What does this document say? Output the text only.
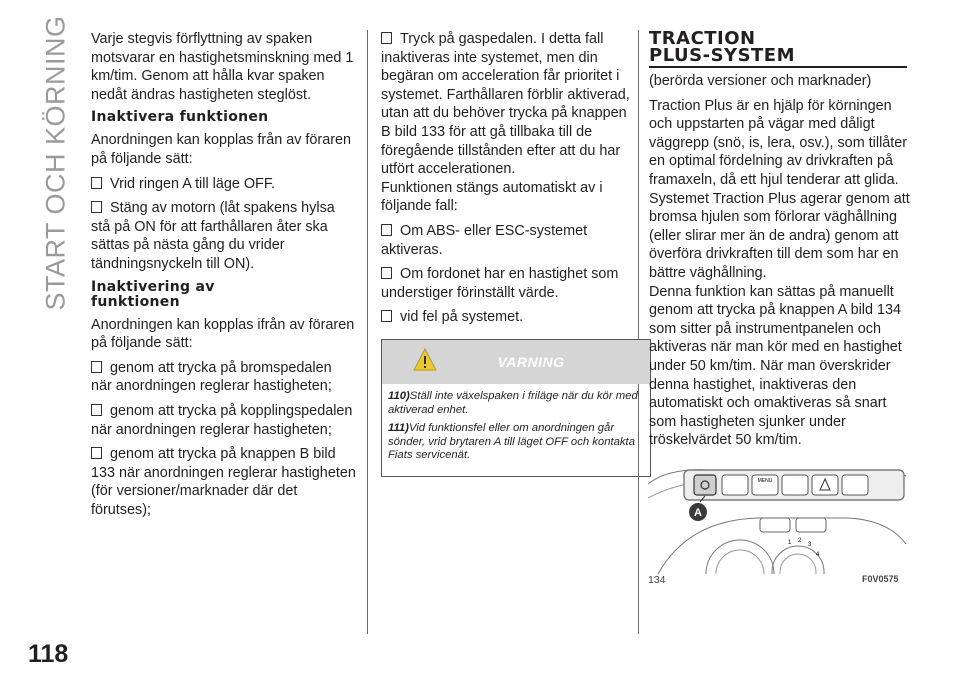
START OCH KÖRNING
118

Varje stegvis förflyttning av spaken motsvarar en hastighetsminskning med 1 km/tim. Genom att hålla kvar spaken nedåt ändras hastigheten steglöst.

Inaktivera funktionen

Anordningen kan kopplas från av föraren på följande sätt:

Vrid ringen A till läge OFF.

Stäng av motorn (låt spakens hylsa stå på ON för att farthållaren åter ska sättas på nästa gång du vrider tändningsnyckeln till ON).

Inaktivering av
funktionen

Anordningen kan kopplas ifrån av föraren på följande sätt:

genom att trycka på bromspedalen när anordningen reglerar hastigheten;

genom att trycka på kopplingspedalen när anordningen reglerar hastigheten;

genom att trycka på knappen B bild 133 när anordningen reglerar hastigheten (för versioner/marknader där det förutses);

Tryck på gaspedalen. I detta fall inaktiveras inte systemet, men din begäran om acceleration får prioritet i systemet. Farthållaren förblir aktiverad, utan att du behöver trycka på knappen B bild 133 för att gå tillbaka till de föregående tillstånden efter att du har utfört accelerationen.

Funktionen stängs automatiskt av i följande fall:

Om ABS- eller ESC-systemet aktiveras.

Om fordonet har en hastighet som understiger förinställt värde.

vid fel på systemet.

VARNING

110)Ställ inte växelspaken i friläge när du kör med aktiverad enhet.

111)Vid funktionsfel eller om anordningen går sönder, vrid brytaren A till läget OFF och kontakta Fiats servicenät.

TRACTION
PLUS-SYSTEM

(berörda versioner och marknader)

Traction Plus är en hjälp för körningen och uppstarten på vägar med dåligt väggrepp (snö, is, lera, osv.), som tillåter en optimal fördelning av drivkraften på framaxeln, då ett hjul tenderar att glida.

Systemet Traction Plus agerar genom att bromsa hjulen som förlorar väghållning (eller slirar mer än de andra) genom att överföra drivkraften till dem som har en bättre väghållning.

Denna funktion kan sättas på manuellt genom att trycka på knappen A bild 134 som sitter på instrumentpanelen och aktiveras när man kör med en hastighet under 50 km/tim. När man överskrider denna hastighet, inaktiveras den automatiskt och omaktiveras så snart som hastigheten sjunker under tröskelvärdet 50 km/tim.

MENU
1 2
3
4
A
134	F0V0575
